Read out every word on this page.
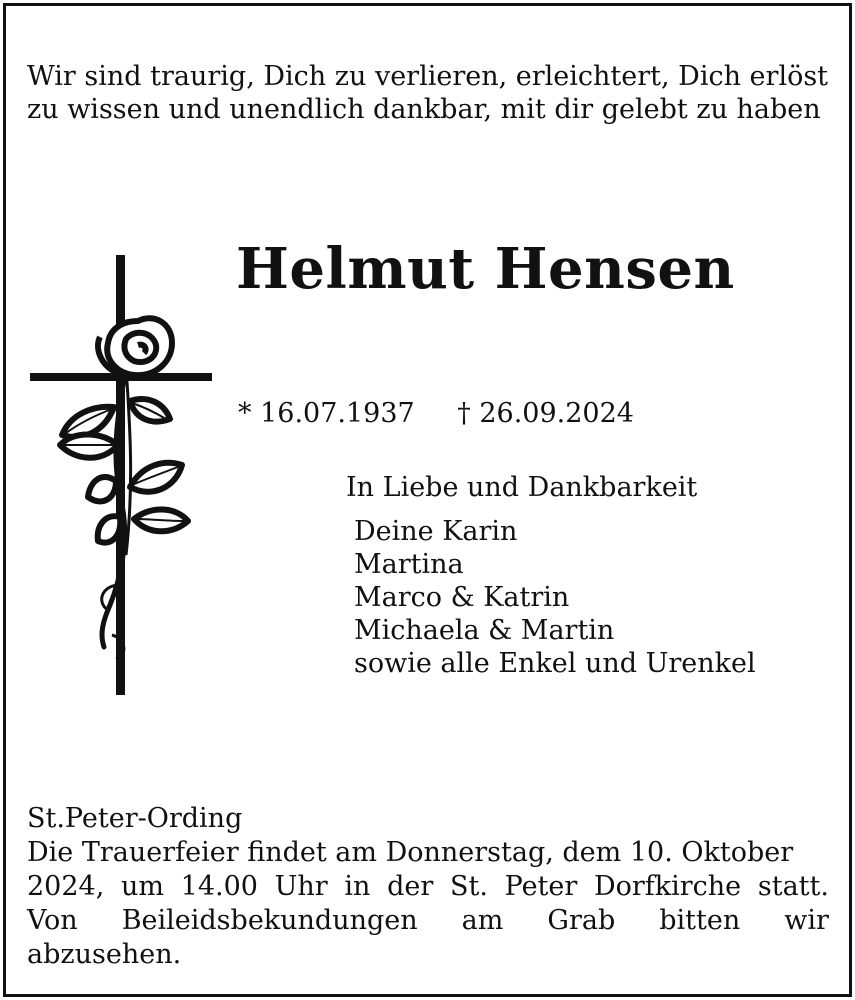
Wir sind traurig, Dich zu verlieren, erleichtert, Dich erlöst
zu wissen und unendlich dankbar, mit dir gelebt zu haben
Helmut Hensen
* 16.07.1937 † 26.09.2024
In Liebe und Dankbarkeit
Deine Karin
Martina
Marco & Katrin
Michaela & Martin
sowie alle Enkel und Urenkel
St.Peter-Ording
Die Trauerfeier findet am Donnerstag, dem 10. Oktober
2024, um 14.00 Uhr in der St. Peter Dorfkirche statt.
Von Beileidsbekundungen am Grab bitten wir
abzusehen.
